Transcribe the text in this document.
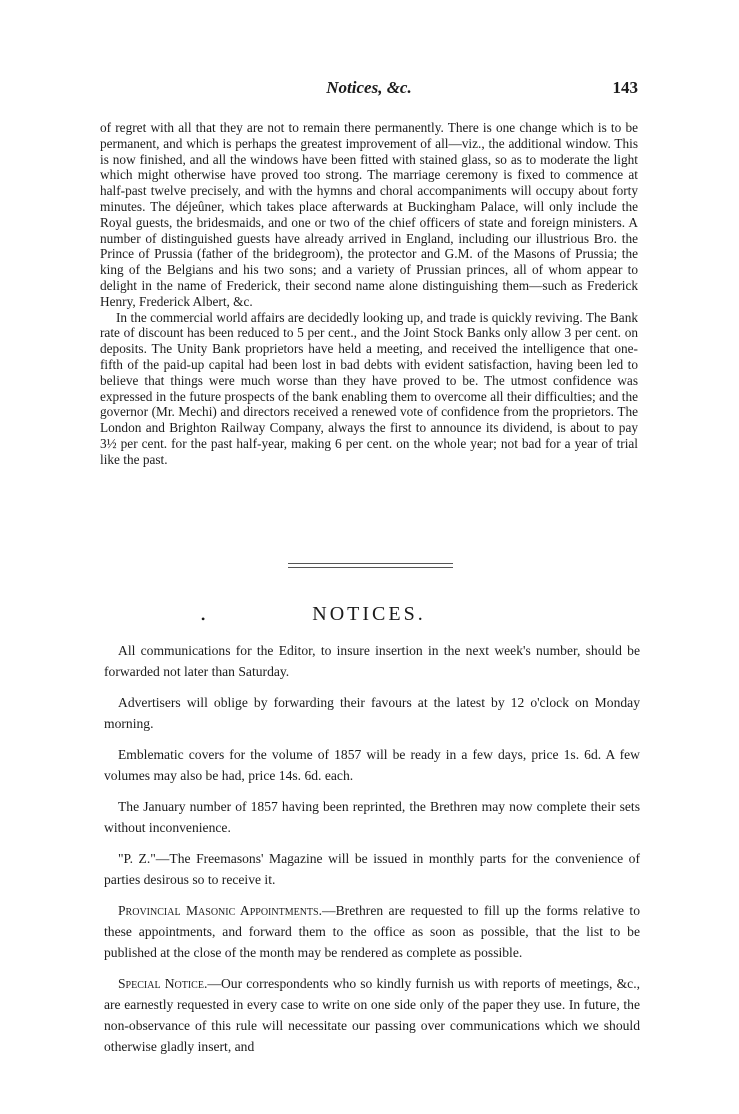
Notices, &c.	143

of regret with all that they are not to remain there permanently. There is one change which is to be permanent, and which is perhaps the greatest improvement of all—viz., the additional window. This is now finished, and all the windows have been fitted with stained glass, so as to moderate the light which might otherwise have proved too strong. The marriage ceremony is fixed to commence at half-past twelve precisely, and with the hymns and choral accompaniments will occupy about forty minutes. The déjeûner, which takes place afterwards at Buckingham Palace, will only include the Royal guests, the bridesmaids, and one or two of the chief officers of state and foreign ministers. A number of distinguished guests have already arrived in England, including our illustrious Bro. the Prince of Prussia (father of the bridegroom), the protector and G.M. of the Masons of Prussia; the king of the Belgians and his two sons; and a variety of Prussian princes, all of whom appear to delight in the name of Frederick, their second name alone distinguishing them—such as Frederick Henry, Frederick Albert, &c.

In the commercial world affairs are decidedly looking up, and trade is quickly reviving. The Bank rate of discount has been reduced to 5 per cent., and the Joint Stock Banks only allow 3 per cent. on deposits. The Unity Bank proprietors have held a meeting, and received the intelligence that one-fifth of the paid-up capital had been lost in bad debts with evident satisfaction, having been led to believe that things were much worse than they have proved to be. The utmost confidence was expressed in the future prospects of the bank enabling them to overcome all their difficulties; and the governor (Mr. Mechi) and directors received a renewed vote of confidence from the proprietors. The London and Brighton Railway Company, always the first to announce its dividend, is about to pay 3½ per cent. for the past half-year, making 6 per cent. on the whole year; not bad for a year of trial like the past.

•	NOTICES.

All communications for the Editor, to insure insertion in the next week's number, should be forwarded not later than Saturday.

Advertisers will oblige by forwarding their favours at the latest by 12 o'clock on Monday morning.

Emblematic covers for the volume of 1857 will be ready in a few days, price 1s. 6d. A few volumes may also be had, price 14s. 6d. each.

The January number of 1857 having been reprinted, the Brethren may now complete their sets without inconvenience.

"P. Z."—The Freemasons' Magazine will be issued in monthly parts for the convenience of parties desirous so to receive it.

Provincial Masonic Appointments.—Brethren are requested to fill up the forms relative to these appointments, and forward them to the office as soon as possible, that the list to be published at the close of the month may be rendered as complete as possible.

Special Notice.—Our correspondents who so kindly furnish us with reports of meetings, &c., are earnestly requested in every case to write on one side only of the paper they use. In future, the non-observance of this rule will necessitate our passing over communications which we should otherwise gladly insert, and
